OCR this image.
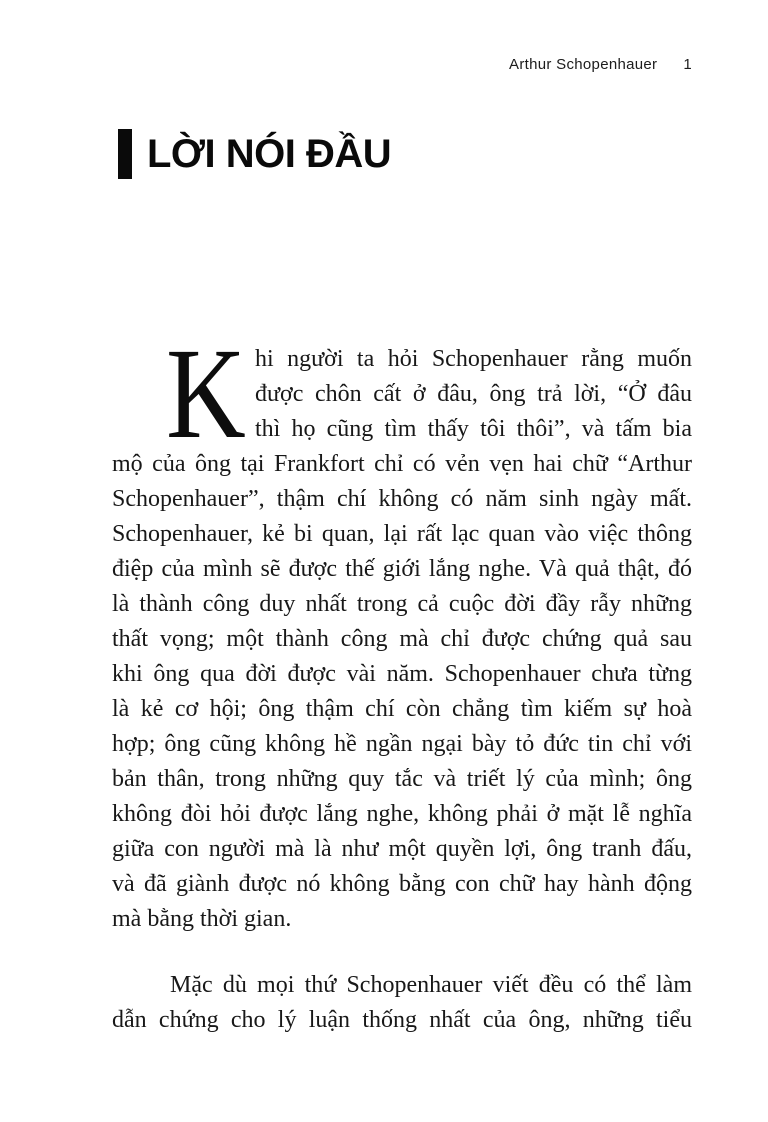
Arthur Schopenhauer 1
LỜI NÓI ĐẦU
K hi người ta hỏi Schopenhauer rằng muốn
được chôn cất ở đâu, ông trả lời, “Ở đâu
thì họ cũng tìm thấy tôi thôi”, và tấm bia
mộ của ông tại Frankfort chỉ có vẻn vẹn hai chữ “Arthur
Schopenhauer”, thậm chí không có năm sinh ngày mất.
Schopenhauer, kẻ bi quan, lại rất lạc quan vào việc thông
điệp của mình sẽ được thế giới lắng nghe. Và quả thật, đó
là thành công duy nhất trong cả cuộc đời đầy rẫy những
thất vọng; một thành công mà chỉ được chứng quả sau
khi ông qua đời được vài năm. Schopenhauer chưa từng
là kẻ cơ hội; ông thậm chí còn chẳng tìm kiếm sự hoà
hợp; ông cũng không hề ngần ngại bày tỏ đức tin chỉ với
bản thân, trong những quy tắc và triết lý của mình; ông
không đòi hỏi được lắng nghe, không phải ở mặt lễ nghĩa
giữa con người mà là như một quyền lợi, ông tranh đấu,
và đã giành được nó không bằng con chữ hay hành động
mà bằng thời gian.
Mặc dù mọi thứ Schopenhauer viết đều có thể làm
dẫn chứng cho lý luận thống nhất của ông, những tiểu
